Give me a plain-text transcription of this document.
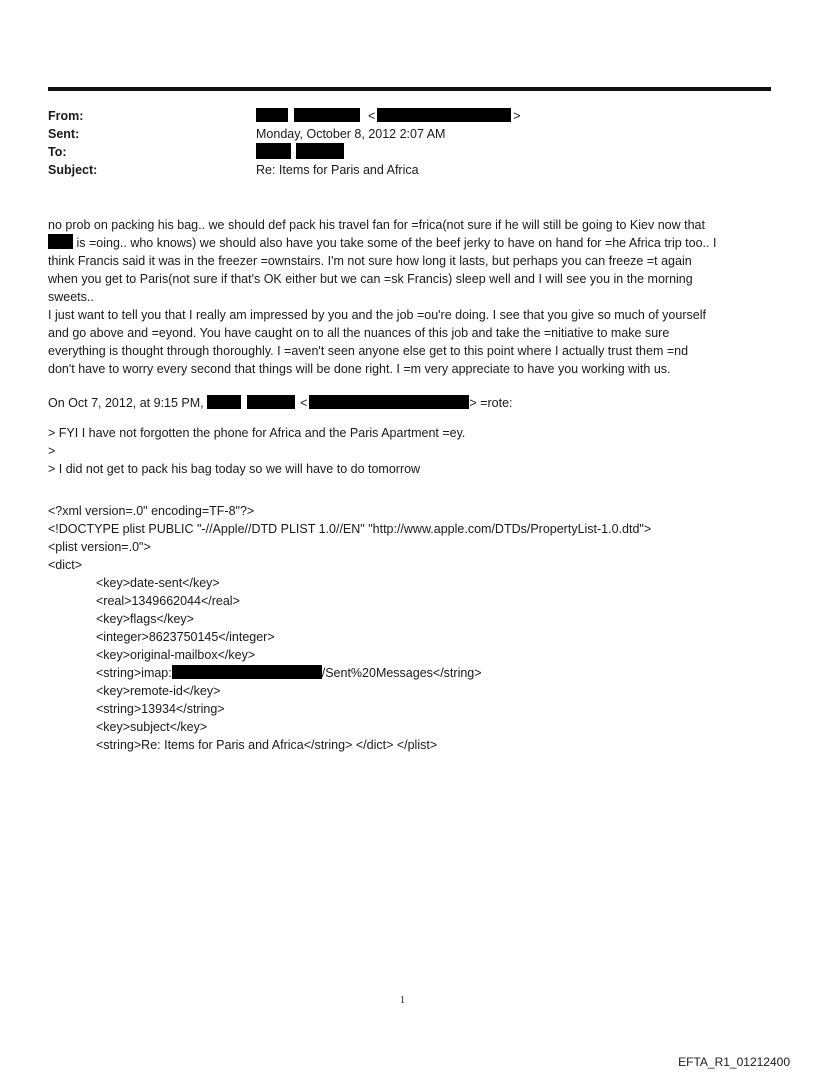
From:	<	>
Sent:	Monday, October 8, 2012 2:07 AM
To:

Subject:	Re: Items for Paris and Africa
no prob on packing his bag.. we should def pack his travel fan for =frica(not sure if he will still be going to Kiev now that
is =oing.. who knows) we should also have you take some of the beef jerky to have on hand for =he Africa trip too.. I
think Francis said it was in the freezer =ownstairs. I'm not sure how long it lasts, but perhaps you can freeze =t again
when you get to Paris(not sure if that's OK either but we can =sk Francis) sleep well and I will see you in the morning
sweets..
I just want to tell you that I really am impressed by you and the job =ou're doing. I see that you give so much of yourself
and go above and =eyond. You have caught on to all the nuances of this job and take the =nitiative to make sure
everything is thought through thoroughly. I =aven't seen anyone else get to this point where I actually trust them =nd
don't have to worry every second that things will be done right. I =m very appreciate to have you working with us.
On Oct 7, 2012, at 9:15 PM,	<	> =rote:
> FYI I have not forgotten the phone for Africa and the Paris Apartment =ey.
>
> I did not get to pack his bag today so we will have to do tomorrow
<?xml version=.0" encoding=TF-8"?>
<!DOCTYPE plist PUBLIC "-//Apple//DTD PLIST 1.0//EN" "http://www.apple.com/DTDs/PropertyList-1.0.dtd">
<plist version=.0">
<dict>
<key>date-sent</key>
<real>1349662044</real>
<key>flags</key>
<integer>8623750145</integer>
<key>original-mailbox</key>
<string>imap:	/Sent%20Messages</string>
<key>remote-id</key>
<string>13934</string>
<key>subject</key>
<string>Re: Items for Paris and Africa</string> </dict> </plist>
1
EFTA_R1_01212400
